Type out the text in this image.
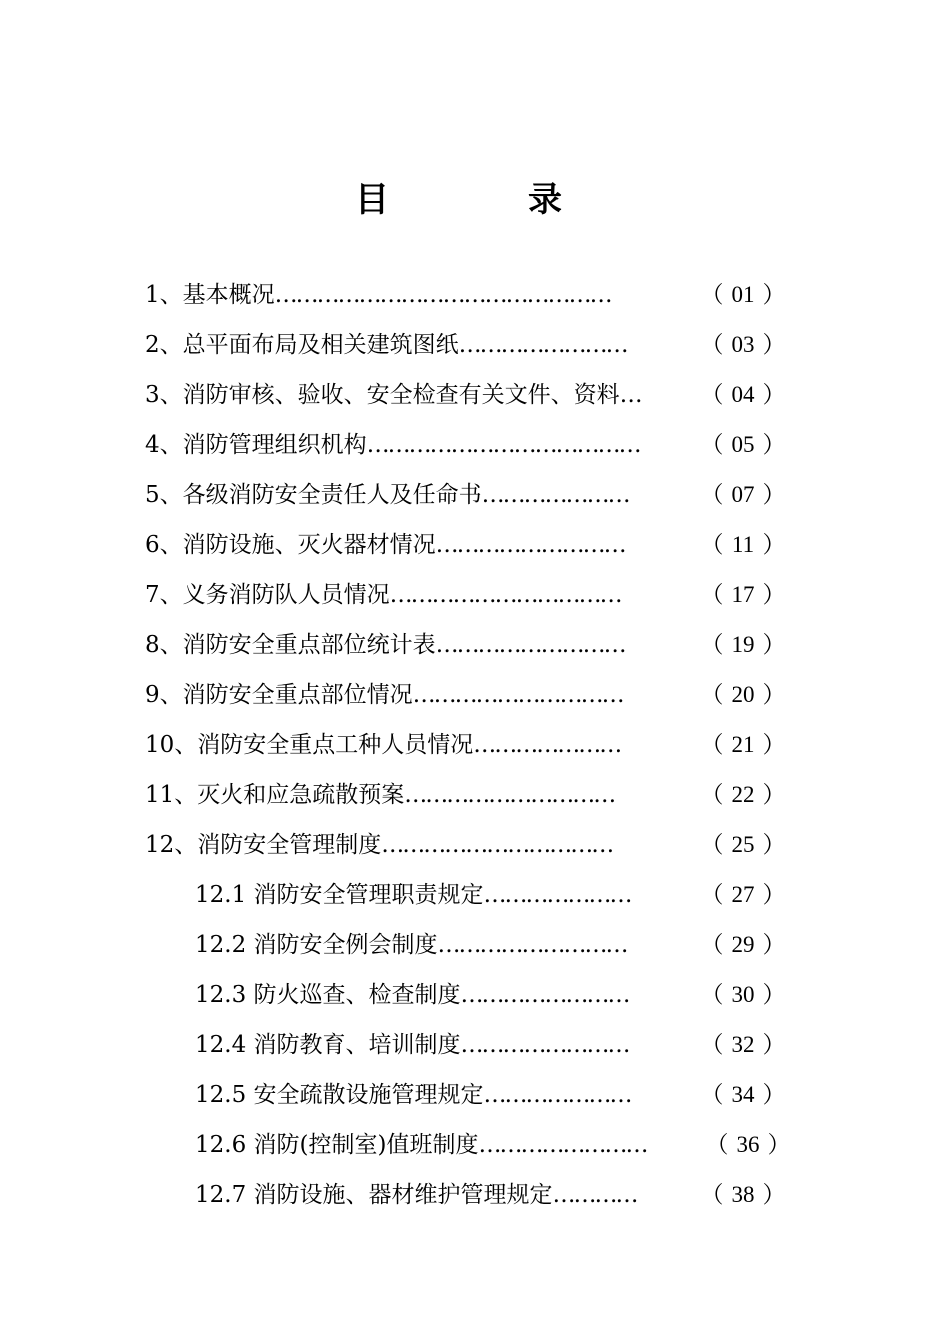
目	录
1、基本概况…………………………………………	（ 01 ）
2、总平面布局及相关建筑图纸……………………	（ 03 ）
3、消防审核、验收、安全检查有关文件、资料…	（ 04 ）
4、消防管理组织机构…………………………………	（ 05 ）
5、各级消防安全责任人及任命书…………………	（ 07 ）
6、消防设施、灭火器材情况………………………	（ 11 ）
7、义务消防队人员情况……………………………	（ 17 ）
8、消防安全重点部位统计表………………………	（ 19 ）
9、消防安全重点部位情况…………………………	（ 20 ）
10、消防安全重点工种人员情况…………………	（ 21 ）
11、灭火和应急疏散预案…………………………	（ 22 ）
12、消防安全管理制度……………………………	（ 25 ）
12.1 消防安全管理职责规定…………………	（ 27 ）
12.2 消防安全例会制度………………………	（ 29 ）
12.3 防火巡查、检查制度……………………	（ 30 ）
12.4 消防教育、培训制度……………………	（ 32 ）
12.5 安全疏散设施管理规定…………………	（ 34 ）
12.6 消防(控制室)值班制度……………………	（ 36 ）
12.7 消防设施、器材维护管理规定…………	（ 38 ）
